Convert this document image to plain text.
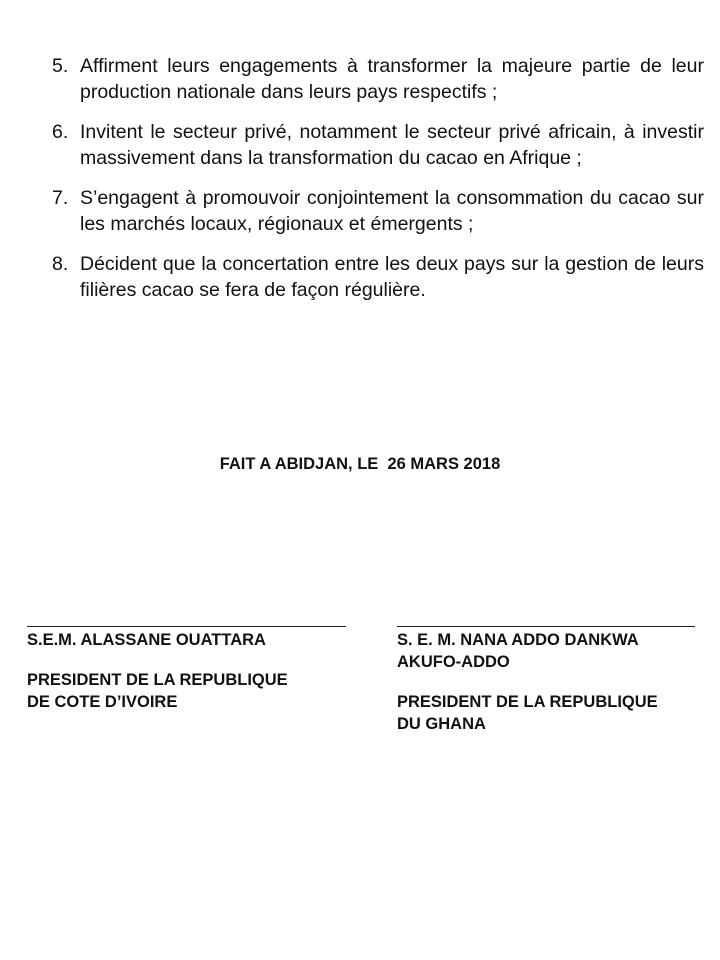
5. Affirment leurs engagements à transformer la majeure partie de leur production nationale dans leurs pays respectifs ;
6. Invitent le secteur privé, notamment le secteur privé africain, à investir massivement dans la transformation du cacao en Afrique ;
7. S’engagent à promouvoir conjointement la consommation du cacao sur les marchés locaux, régionaux et émergents ;
8. Décident que la concertation entre les deux pays sur la gestion de leurs filières cacao se fera de façon régulière.
FAIT A ABIDJAN, LE  26 MARS 2018
S.E.M. ALASSANE OUATTARA
PRESIDENT DE LA REPUBLIQUE
DE COTE D’IVOIRE
S. E. M. NANA ADDO DANKWA
AKUFO-ADDO
PRESIDENT DE LA REPUBLIQUE
DU GHANA
